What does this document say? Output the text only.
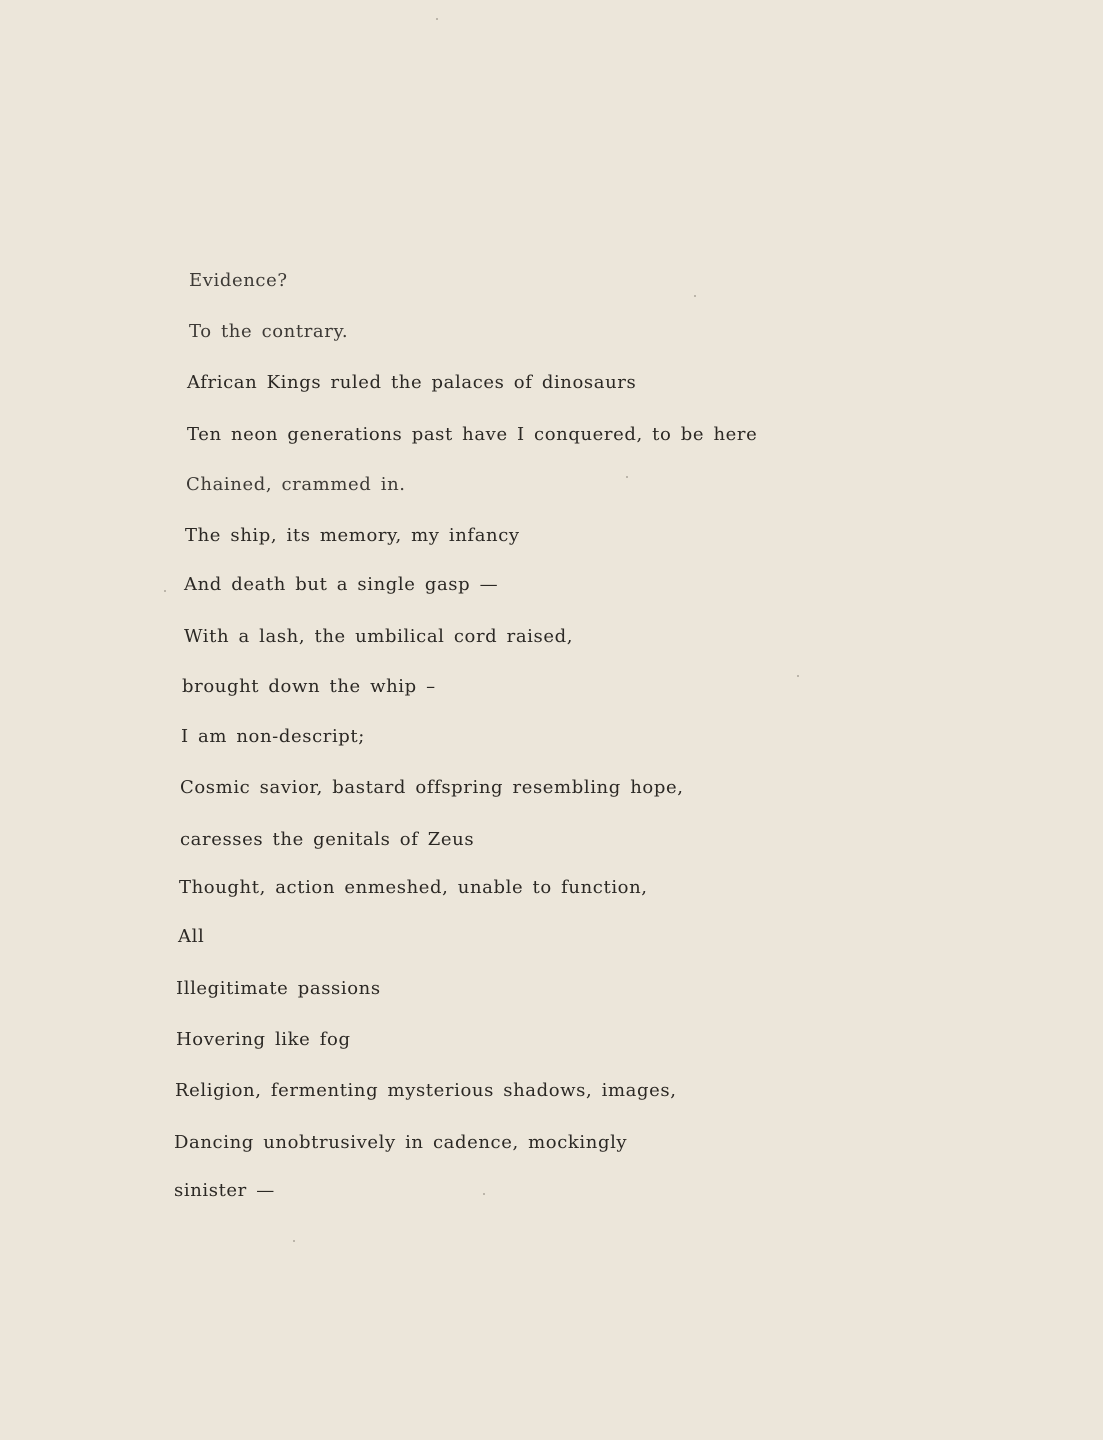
Evidence?
To the contrary.
African Kings ruled the palaces of dinosaurs
Ten neon generations past have I conquered, to be here
Chained, crammed in.
The ship, its memory, my infancy
And death but a single gasp —
With a lash, the umbilical cord raised,
brought down the whip –
I am non-descript;
Cosmic savior, bastard offspring resembling hope,
caresses the genitals of Zeus
Thought, action enmeshed, unable to function,
All
Illegitimate passions
Hovering like fog
Religion, fermenting mysterious shadows, images,
Dancing unobtrusively in cadence, mockingly
sinister —
